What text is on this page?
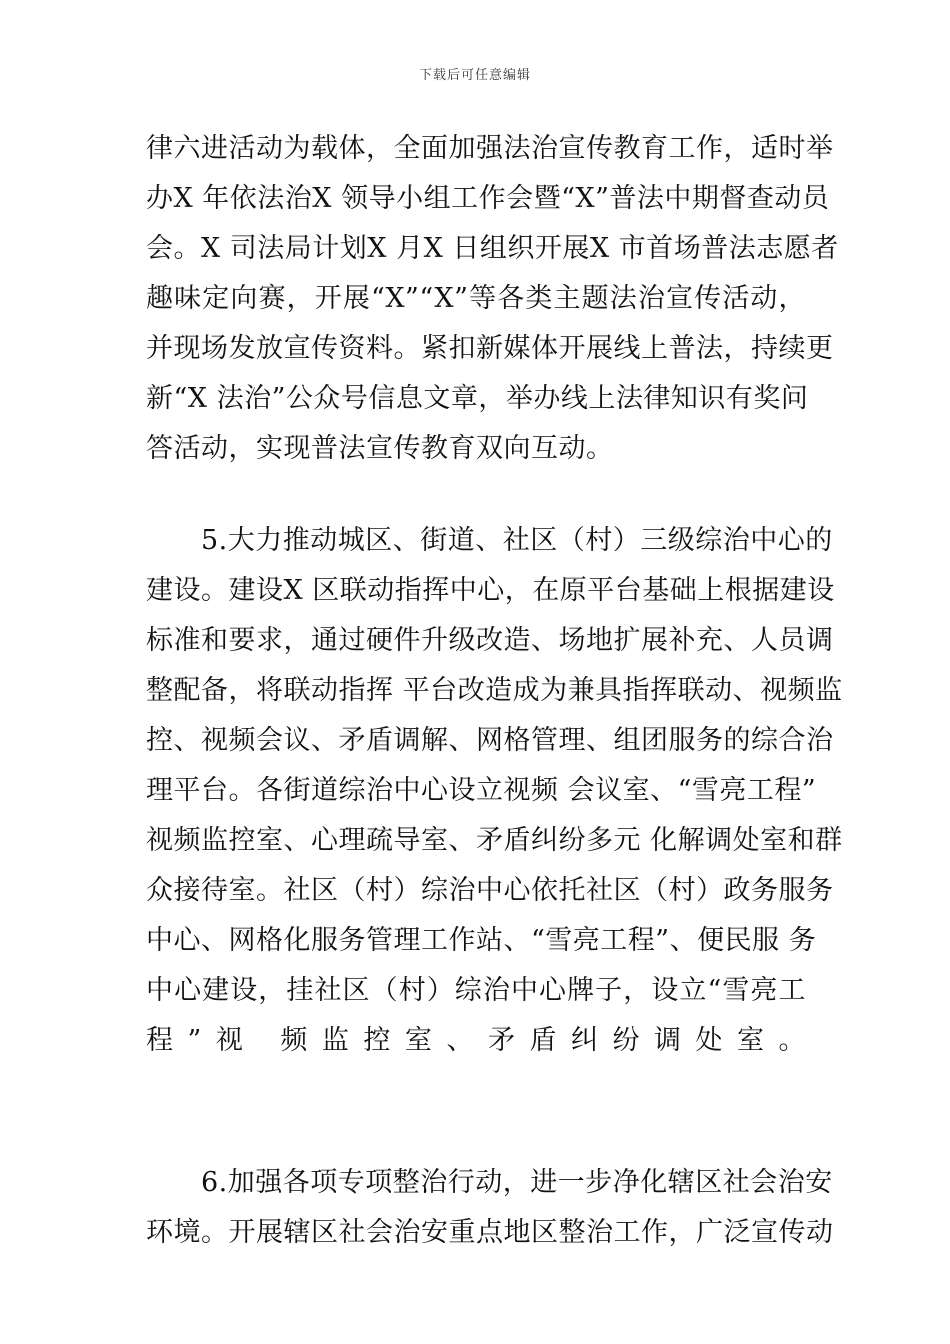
下载后可任意编辑
律六进活动为载体，全面加强法治宣传教育工作，适时举
办X 年依法治X 领导小组工作会暨“X”普法中期督查动员
会。X 司法局计划X 月X 日组织开展X 市首场普法志愿者
趣味定向赛，开展“X”“X”等各类主题法治宣传活动，
并现场发放宣传资料。紧扣新媒体开展线上普法，持续更
新“X 法治”公众号信息文章，举办线上法律知识有奖问
答活动，实现普法宣传教育双向互动。
　　5.大力推动城区、街道、社区（村）三级综治中心的
建设。建设X 区联动指挥中心，在原平台基础上根据建设
标准和要求，通过硬件升级改造、场地扩展补充、人员调
整配备，将联动指挥 平台改造成为兼具指挥联动、视频监
控、视频会议、矛盾调解、网格管理、组团服务的综合治
理平台。各街道综治中心设立视频 会议室、“雪亮工程”
视频监控室、心理疏导室、矛盾纠纷多元 化解调处室和群
众接待室。社区（村）综治中心依托社区（村）政务服务
中心、网格化服务管理工作站、“雪亮工程”、便民服 务
中心建设，挂社区（村）综治中心牌子，设立“雪亮工
程”视 频监控室、矛盾纠纷调处室。
　　6.加强各项专项整治行动，进一步净化辖区社会治安
环境。开展辖区社会治安重点地区整治工作，广泛宣传动
